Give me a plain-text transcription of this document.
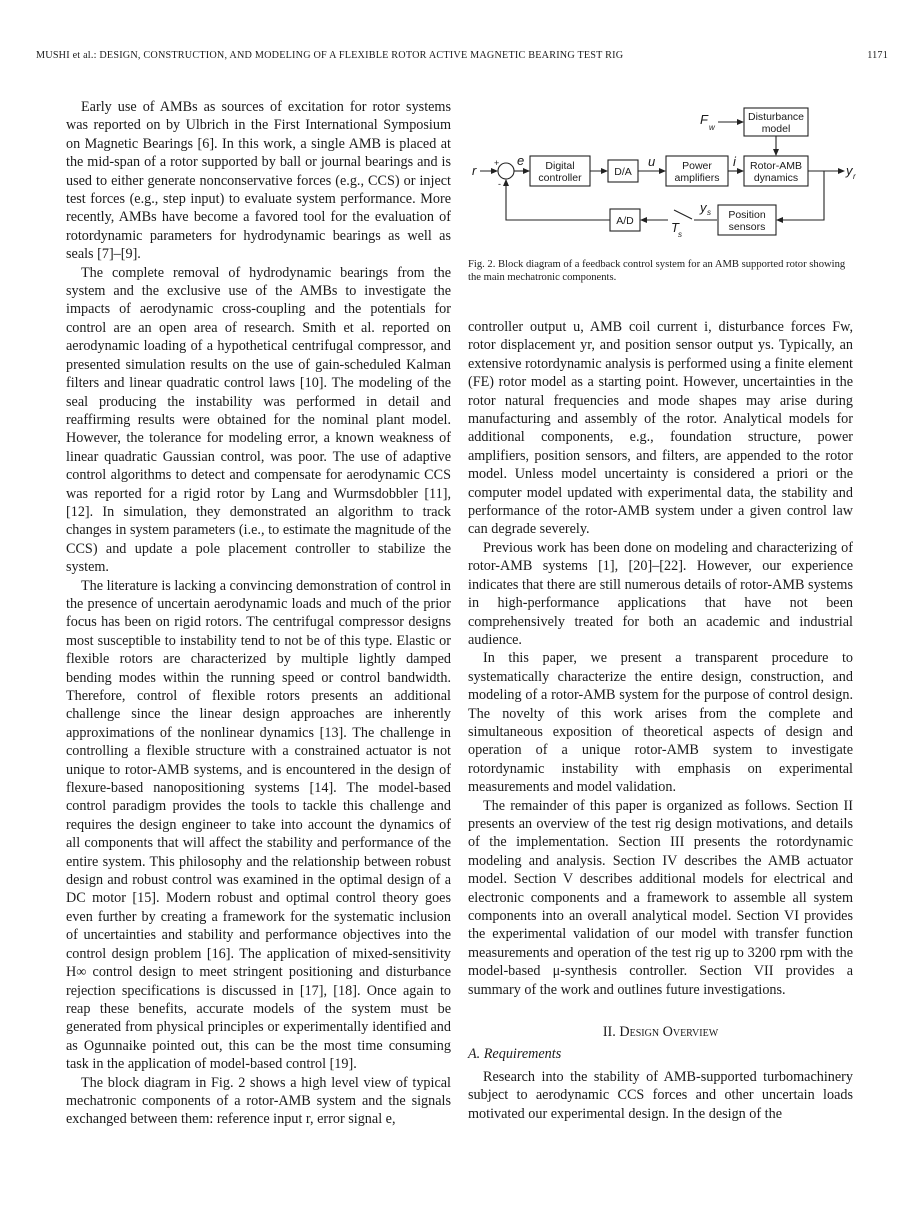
MUSHI et al.: DESIGN, CONSTRUCTION, AND MODELING OF A FLEXIBLE ROTOR ACTIVE MAGNETIC BEARING TEST RIG	1171

Early use of AMBs as sources of excitation for rotor systems was reported on by Ulbrich in the First International Symposium on Magnetic Bearings [6]. In this work, a single AMB is placed at the mid-span of a rotor supported by ball or journal bearings and is used to either generate nonconservative forces (e.g., CCS) or inject test forces (e.g., step input) to evaluate system performance. More recently, AMBs have become a favored tool for the evaluation of rotordynamic parameters for hydrodynamic bearings as well as seals [7]–[9].

The complete removal of hydrodynamic bearings from the system and the exclusive use of the AMBs to investigate the impacts of aerodynamic cross-coupling and the potentials for control are an open area of research. Smith et al. reported on aerodynamic loading of a hypothetical centrifugal compressor, and presented simulation results on the use of gain-scheduled Kalman filters and linear quadratic control laws [10]. The modeling of the seal producing the instability was performed in detail and reaffirming results were obtained for the nominal plant model. However, the tolerance for modeling error, a known weakness of linear quadratic Gaussian control, was poor. The use of adaptive control algorithms to detect and compensate for aerodynamic CCS was reported for a rigid rotor by Lang and Wurmsdobbler [11], [12]. In simulation, they demonstrated an algorithm to track changes in system parameters (i.e., to estimate the magnitude of the CCS) and update a pole placement controller to stabilize the system.

The literature is lacking a convincing demonstration of control in the presence of uncertain aerodynamic loads and much of the prior focus has been on rigid rotors. The centrifugal compressor designs most susceptible to instability tend to not be of this type. Elastic or flexible rotors are characterized by multiple lightly damped bending modes within the running speed or control bandwidth. Therefore, control of flexible rotors presents an additional challenge since the linear design approaches are inherently approximations of the nonlinear dynamics [13]. The challenge in controlling a flexible structure with a constrained actuator is not unique to rotor-AMB systems, and is encountered in the design of flexure-based nanopositioning systems [14]. The model-based control paradigm provides the tools to tackle this challenge and requires the design engineer to take into account the dynamics of all components that will affect the stability and performance of the entire system. This philosophy and the relationship between robust design and robust control was examined in the optimal design of a DC motor [15]. Modern robust and optimal control theory goes even further by creating a framework for the systematic inclusion of uncertainties and stability and performance objectives into the control design problem [16]. The application of mixed-sensitivity H∞ control design to meet stringent positioning and disturbance rejection specifications is discussed in [17], [18]. Once again to reap these benefits, accurate models of the system must be generated from physical principles or experimentally identified and as Ogunnaike pointed out, this can be the most time consuming task in the application of model-based control [19].

The block diagram in Fig. 2 shows a high level view of typical mechatronic components of a rotor-AMB system and the signals exchanged between them: reference input r, error signal e,

Disturbance
model
Digital
controller	D/A	Power
amplifiers
Rotor-AMB
dynamics
Position
sensors
A/D
r
e	u	i
F
w
y r
y s
T s
+
-
Fig. 2. Block diagram of a feedback control system for an AMB supported rotor showing the main mechatronic components.

controller output u, AMB coil current i, disturbance forces Fw, rotor displacement yr, and position sensor output ys. Typically, an extensive rotordynamic analysis is performed using a finite element (FE) rotor model as a starting point. However, uncertainties in the rotor natural frequencies and mode shapes may arise during manufacturing and assembly of the rotor. Analytical models for additional components, e.g., foundation structure, power amplifiers, position sensors, and filters, are appended to the rotor model. Unless model uncertainty is considered a priori or the computer model updated with experimental data, the stability and performance of the rotor-AMB system under a given control law can degrade severely.

Previous work has been done on modeling and characterizing of rotor-AMB systems [1], [20]–[22]. However, our experience indicates that there are still numerous details of rotor-AMB systems in high-performance applications that have not been comprehensively treated for both an academic and industrial audience.

In this paper, we present a transparent procedure to systematically characterize the entire design, construction, and modeling of a rotor-AMB system for the purpose of control design. The novelty of this work arises from the complete and simultaneous exposition of theoretical aspects of design and operation of a unique rotor-AMB system to investigate rotordynamic instability with emphasis on experimental measurements and model validation.

The remainder of this paper is organized as follows. Section II presents an overview of the test rig design motivations, and details of the implementation. Section III presents the rotordynamic modeling and analysis. Section IV describes the AMB actuator model. Section V describes additional models for electrical and electronic components and a framework to assemble all system components into an overall analytical model. Section VI provides the experimental validation of our model with transfer function measurements and operation of the test rig up to 3200 rpm with the model-based μ-synthesis controller. Section VII provides a summary of the work and outlines future investigations.

II. Design Overview
A. Requirements

Research into the stability of AMB-supported turbomachinery subject to aerodynamic CCS forces and other uncertain loads motivated our experimental design. In the design of the
